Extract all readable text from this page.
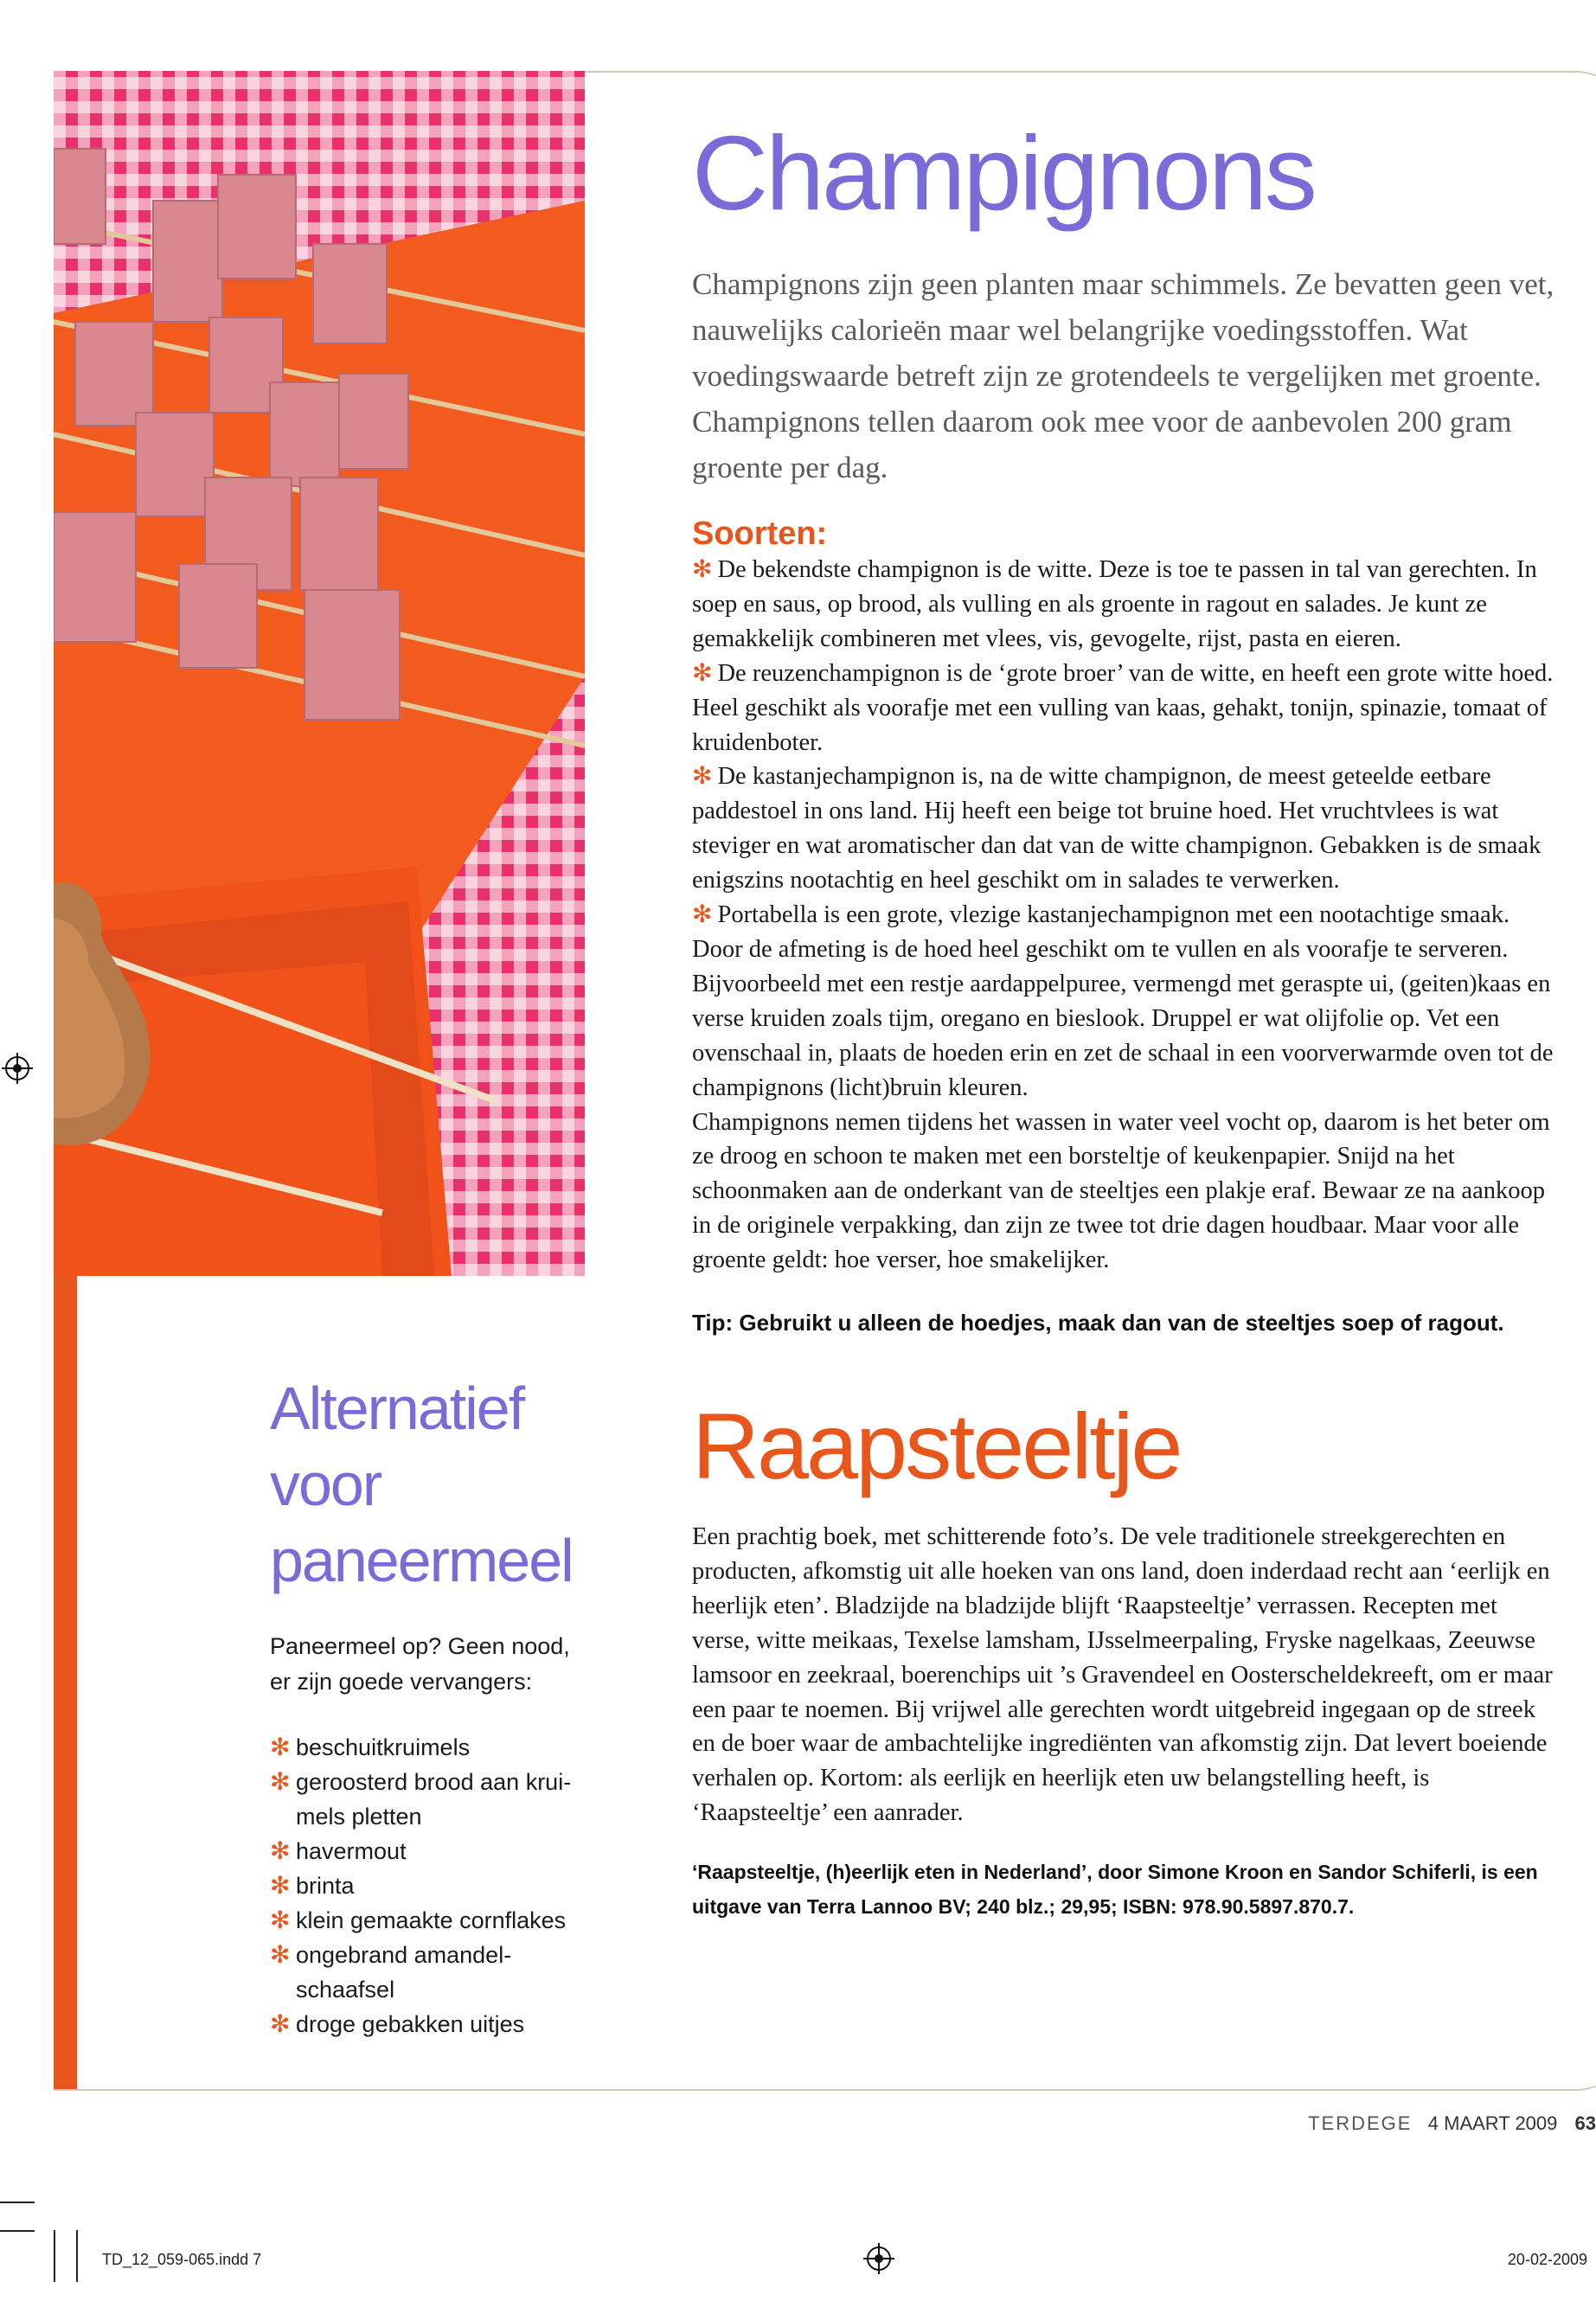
Alternatief
voor
paneermeel

Paneermeel op? Geen nood, er zijn goede vervangers:

✻ beschuitkruimels
✻ geroosterd brood aan krui-mels pletten
✻ havermout
✻ brinta
✻ klein gemaakte cornflakes
✻ ongebrand amandel-schaafsel
✻ droge gebakken uitjes
Champignons

Champignons zijn geen planten maar schimmels. Ze bevatten geen vet, nauwelijks calorieën maar wel belangrijke voedingsstoffen. Wat voedingswaarde betreft zijn ze grotendeels te vergelijken met groente. Champignons tellen daarom ook mee voor de aanbevolen 200 gram groente per dag.

Soorten:

✻ De bekendste champignon is de witte. Deze is toe te passen in tal van gerechten. In soep en saus, op brood, als vulling en als groente in ragout en salades. Je kunt ze gemakkelijk combineren met vlees, vis, gevogelte, rijst, pasta en eieren.

✻ De reuzenchampignon is de ‘grote broer’ van de witte, en heeft een grote witte hoed. Heel geschikt als voorafje met een vulling van kaas, gehakt, tonijn, spinazie, tomaat of kruidenboter.

✻ De kastanjechampignon is, na de witte champignon, de meest geteelde eetbare paddestoel in ons land. Hij heeft een beige tot bruine hoed. Het vruchtvlees is wat steviger en wat aromatischer dan dat van de witte champignon. Gebakken is de smaak enigszins nootachtig en heel geschikt om in salades te verwerken.

✻ Portabella is een grote, vlezige kastanjechampignon met een nootachtige smaak. Door de afmeting is de hoed heel geschikt om te vullen en als voorafje te serveren. Bijvoorbeeld met een restje aardappelpuree, vermengd met geraspte ui, (geiten)kaas en verse kruiden zoals tijm, oregano en bieslook. Druppel er wat olijfolie op. Vet een ovenschaal in, plaats de hoeden erin en zet de schaal in een voorverwarmde oven tot de champignons (licht)bruin kleuren.

Champignons nemen tijdens het wassen in water veel vocht op, daarom is het beter om ze droog en schoon te maken met een borsteltje of keukenpapier. Snijd na het schoonmaken aan de onderkant van de steeltjes een plakje eraf. Bewaar ze na aankoop in de originele verpakking, dan zijn ze twee tot drie dagen houdbaar. Maar voor alle groente geldt: hoe verser, hoe smakelijker.

Tip: Gebruikt u alleen de hoedjes, maak dan van de steeltjes soep of ragout.

Raapsteeltje

Een prachtig boek, met schitterende foto’s. De vele traditionele streekgerechten en producten, afkomstig uit alle hoeken van ons land, doen inderdaad recht aan ‘eerlijk en heerlijk eten’. Bladzijde na bladzijde blijft ‘Raapsteeltje’ verrassen. Recepten met verse, witte meikaas, Texelse lamsham, IJsselmeerpaling, Fryske nagelkaas, Zeeuwse lamsoor en zeekraal, boerenchips uit ’s Gravendeel en Oosterscheldekreeft, om er maar een paar te noemen. Bij vrijwel alle gerechten wordt uitgebreid ingegaan op de streek en de boer waar de ambachtelijke ingrediënten van afkomstig zijn. Dat levert boeiende verhalen op. Kortom: als eerlijk en heerlijk eten uw belangstelling heeft, is ‘Raapsteeltje’ een aanrader.

‘Raapsteeltje, (h)eerlijk eten in Nederland’, door Simone Kroon en Sandor Schiferli, is een uitgave van Terra Lannoo BV; 240 blz.; 29,95; ISBN: 978.90.5897.870.7.

TERDEGE 4 MAART 2009 63
TD_12_059-065.indd 7	20-02-2009
